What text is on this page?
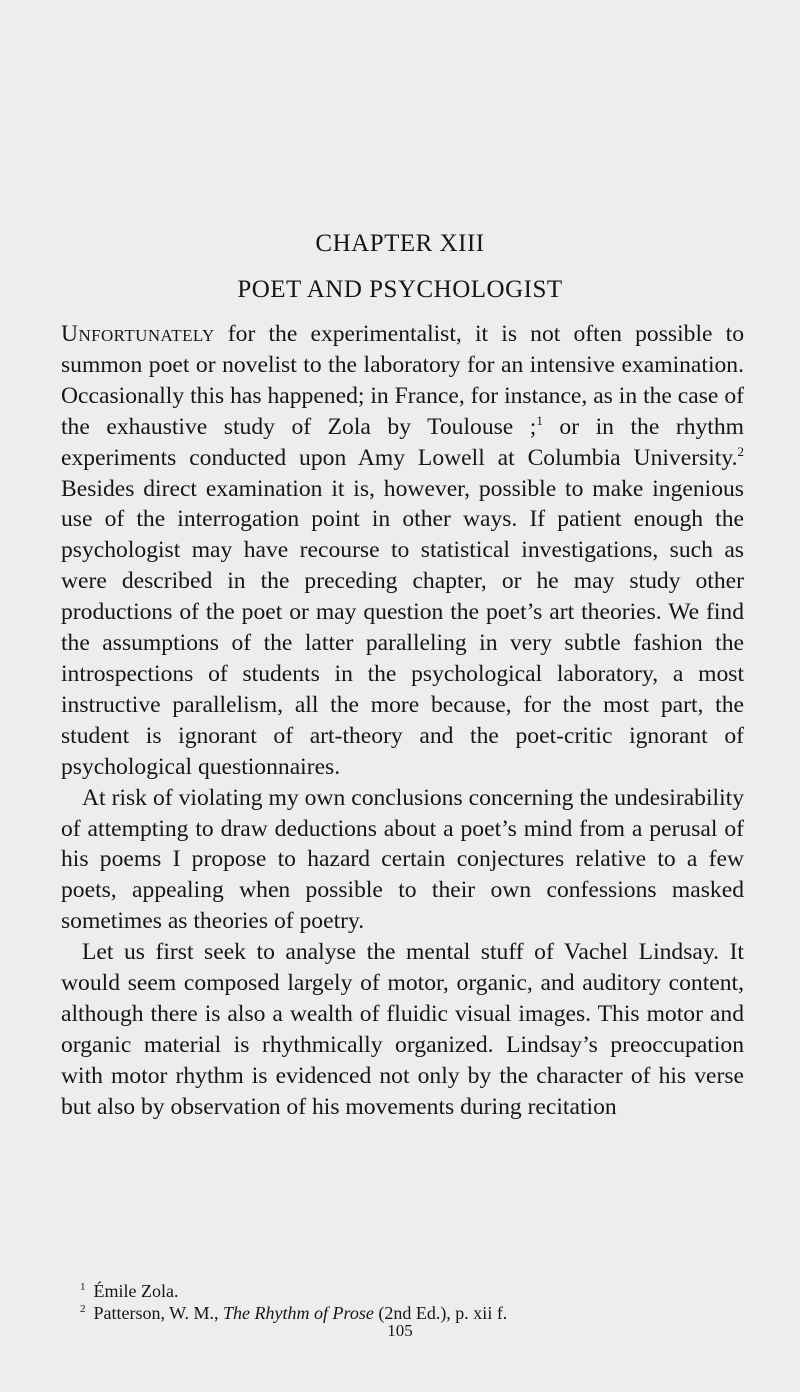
CHAPTER XIII
POET AND PSYCHOLOGIST

Unfortunately for the experimentalist, it is not often possible to summon poet or novelist to the laboratory for an intensive examination. Occasionally this has happened; in France, for instance, as in the case of the exhaustive study of Zola by Toulouse ;$^1$ or in the rhythm experiments conducted upon Amy Lowell at Columbia University.$^2$ Besides direct examination it is, however, possible to make ingenious use of the interrogation point in other ways. If patient enough the psychologist may have recourse to statistical investigations, such as were described in the preceding chapter, or he may study other productions of the poet or may question the poet’s art theories. We find the assumptions of the latter paralleling in very subtle fashion the introspections of students in the psychological laboratory, a most instructive parallelism, all the more because, for the most part, the student is ignorant of art-theory and the poet-critic ignorant of psychological questionnaires.

At risk of violating my own conclusions concerning the undesirability of attempting to draw deductions about a poet’s mind from a perusal of his poems I propose to hazard certain conjectures relative to a few poets, appealing when possible to their own confessions masked sometimes as theories of poetry.

Let us first seek to analyse the mental stuff of Vachel Lindsay. It would seem composed largely of motor, organic, and auditory content, although there is also a wealth of fluidic visual images. This motor and organic material is rhythmically organized. Lindsay’s preoccupation with motor rhythm is evidenced not only by the character of his verse but also by observation of his movements during recitation

$^1$ Émile Zola.

$^2$ Patterson, W. M., The Rhythm of Prose (2nd Ed.), p. xii f.

105
